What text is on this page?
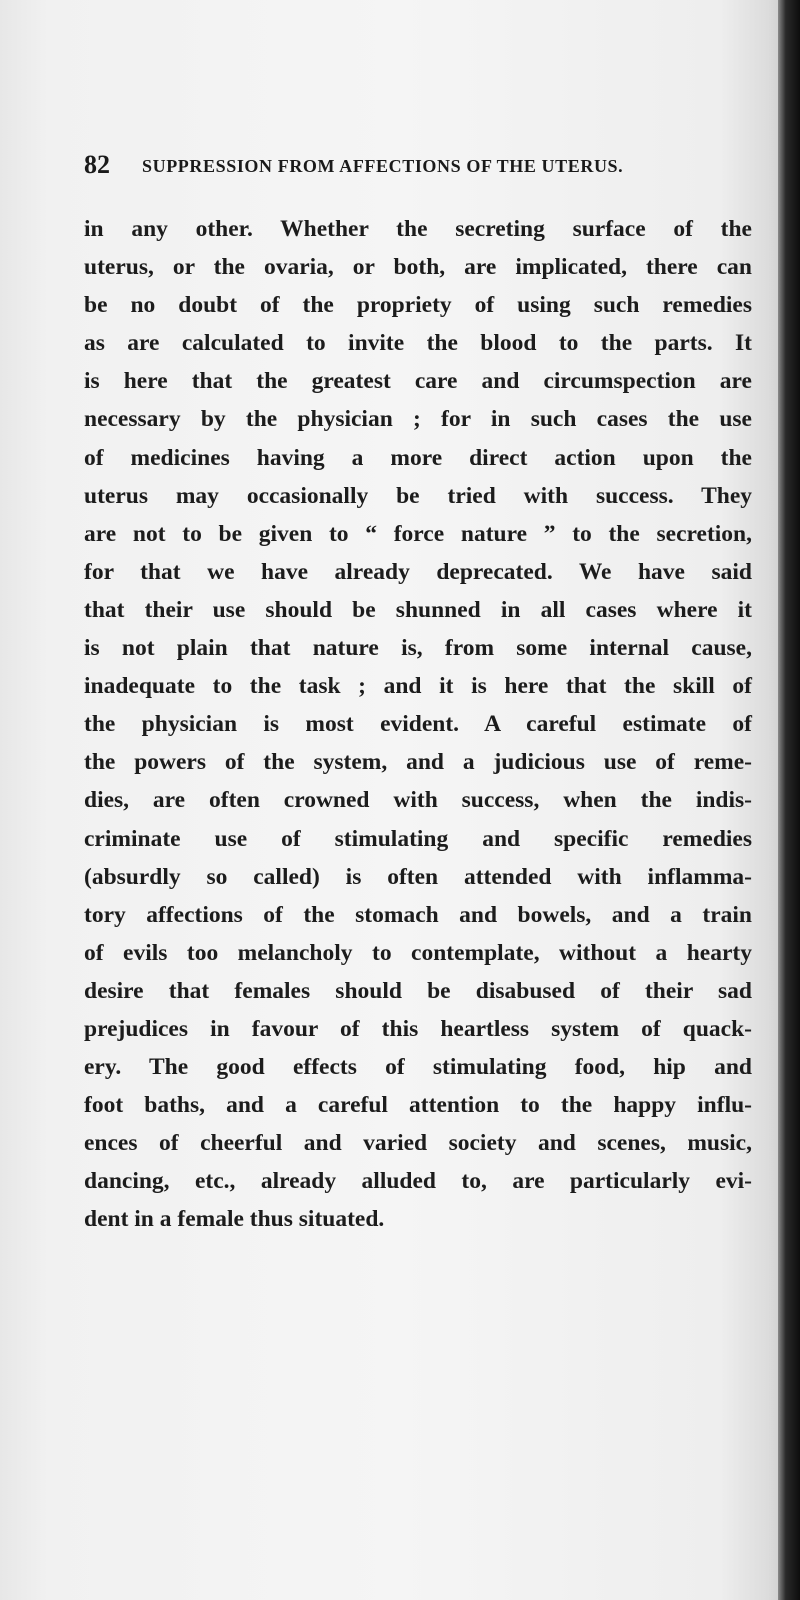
82 SUPPRESSION FROM AFFECTIONS OF THE UTERUS.
in any other. Whether the secreting surface of the
uterus, or the ovaria, or both, are implicated, there can
be no doubt of the propriety of using such remedies
as are calculated to invite the blood to the parts. It
is here that the greatest care and circumspection are
necessary by the physician ; for in such cases the use
of medicines having a more direct action upon the
uterus may occasionally be tried with success. They
are not to be given to “ force nature ” to the secretion,
for that we have already deprecated. We have said
that their use should be shunned in all cases where it
is not plain that nature is, from some internal cause,
inadequate to the task ; and it is here that the skill of
the physician is most evident. A careful estimate of
the powers of the system, and a judicious use of reme-
dies, are often crowned with success, when the indis-
criminate use of stimulating and specific remedies
(absurdly so called) is often attended with inflamma-
tory affections of the stomach and bowels, and a train
of evils too melancholy to contemplate, without a hearty
desire that females should be disabused of their sad
prejudices in favour of this heartless system of quack-
ery. The good effects of stimulating food, hip and
foot baths, and a careful attention to the happy influ-
ences of cheerful and varied society and scenes, music,
dancing, etc., already alluded to, are particularly evi-
dent in a female thus situated.
